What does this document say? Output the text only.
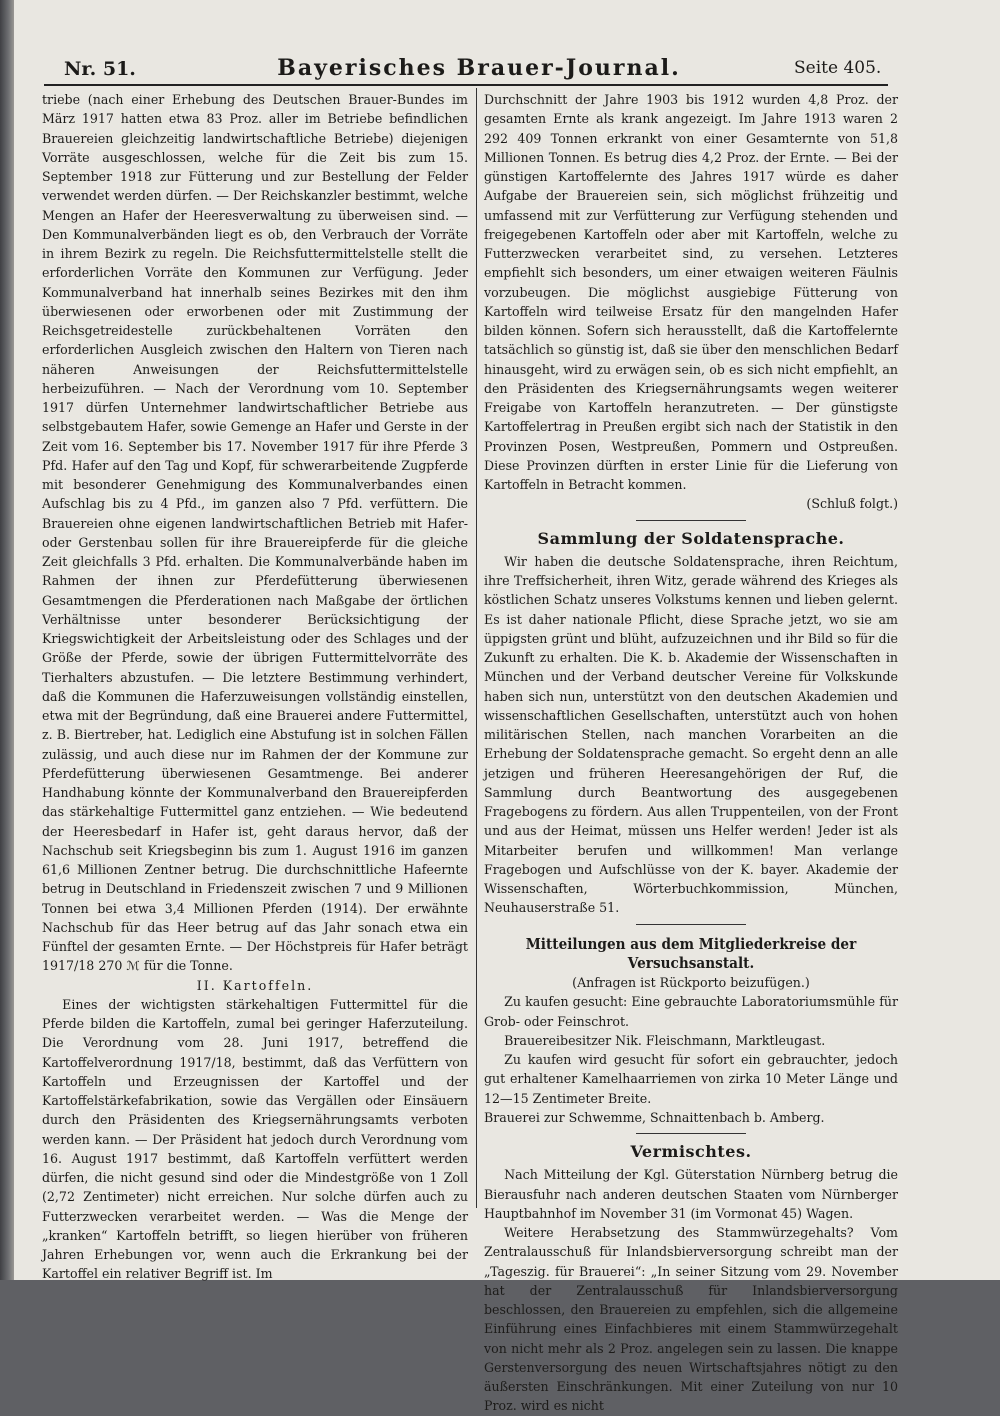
Nr. 51.	Bayerisches Brauer-Journal.	Seite 405.

triebe (nach einer Erhebung des Deutschen Brauer-Bundes im März 1917 hatten etwa 83 Proz. aller im Betriebe befindlichen Brauereien gleichzeitig landwirtschaftliche Betriebe) diejenigen Vorräte ausgeschlossen, welche für die Zeit bis zum 15. September 1918 zur Fütterung und zur Bestellung der Felder verwendet werden dürfen. — Der Reichskanzler bestimmt, welche Mengen an Hafer der Heeresverwaltung zu überweisen sind. — Den Kommunalverbänden liegt es ob, den Verbrauch der Vorräte in ihrem Bezirk zu regeln. Die Reichsfuttermittelstelle stellt die erforderlichen Vorräte den Kommunen zur Verfügung. Jeder Kommunalverband hat innerhalb seines Bezirkes mit den ihm überwiesenen oder erworbenen oder mit Zustimmung der Reichsgetreidestelle zurückbehaltenen Vorräten den erforderlichen Ausgleich zwischen den Haltern von Tieren nach näheren Anweisungen der Reichsfuttermittelstelle herbeizuführen. — Nach der Verordnung vom 10. September 1917 dürfen Unternehmer landwirtschaftlicher Betriebe aus selbstgebautem Hafer, sowie Gemenge an Hafer und Gerste in der Zeit vom 16. September bis 17. November 1917 für ihre Pferde 3 Pfd. Hafer auf den Tag und Kopf, für schwerarbeitende Zugpferde mit besonderer Genehmigung des Kommunalverbandes einen Aufschlag bis zu 4 Pfd., im ganzen also 7 Pfd. verfüttern. Die Brauereien ohne eigenen landwirtschaftlichen Betrieb mit Hafer- oder Gerstenbau sollen für ihre Brauereipferde für die gleiche Zeit gleichfalls 3 Pfd. erhalten. Die Kommunalverbände haben im Rahmen der ihnen zur Pferdefütterung überwiesenen Gesamtmengen die Pferderationen nach Maßgabe der örtlichen Verhältnisse unter besonderer Berücksichtigung der Kriegswichtigkeit der Arbeitsleistung oder des Schlages und der Größe der Pferde, sowie der übrigen Futtermittelvorräte des Tierhalters abzustufen. — Die letztere Bestimmung verhindert, daß die Kommunen die Haferzuweisungen vollständig einstellen, etwa mit der Begründung, daß eine Brauerei andere Futtermittel, z. B. Biertreber, hat. Lediglich eine Abstufung ist in solchen Fällen zulässig, und auch diese nur im Rahmen der der Kommune zur Pferdefütterung überwiesenen Gesamtmenge. Bei anderer Handhabung könnte der Kommunalverband den Brauereipferden das stärkehaltige Futtermittel ganz entziehen. — Wie bedeutend der Heeresbedarf in Hafer ist, geht daraus hervor, daß der Nachschub seit Kriegsbeginn bis zum 1. August 1916 im ganzen 61,6 Millionen Zentner betrug. Die durchschnittliche Hafeernte betrug in Deutschland in Friedenszeit zwischen 7 und 9 Millionen Tonnen bei etwa 3,4 Millionen Pferden (1914). Der erwähnte Nachschub für das Heer betrug auf das Jahr sonach etwa ein Fünftel der gesamten Ernte. — Der Höchstpreis für Hafer beträgt 1917/18 270 ℳ für die Tonne.

II. Kartoffeln.

Eines der wichtigsten stärkehaltigen Futtermittel für die Pferde bilden die Kartoffeln, zumal bei geringer Haferzuteilung. Die Verordnung vom 28. Juni 1917, betreffend die Kartoffelverordnung 1917/18, bestimmt, daß das Verfüttern von Kartoffeln und Erzeugnissen der Kartoffel und der Kartoffelstärkefabrikation, sowie das Vergällen oder Einsäuern durch den Präsidenten des Kriegsernährungsamts verboten werden kann. — Der Präsident hat jedoch durch Verordnung vom 16. August 1917 bestimmt, daß Kartoffeln verfüttert werden dürfen, die nicht gesund sind oder die Mindestgröße von 1 Zoll (2,72 Zentimeter) nicht erreichen. Nur solche dürfen auch zu Futterzwecken verarbeitet werden. — Was die Menge der „kranken“ Kartoffeln betrifft, so liegen hierüber von früheren Jahren Erhebungen vor, wenn auch die Erkrankung bei der Kartoffel ein relativer Begriff ist. Im

Durchschnitt der Jahre 1903 bis 1912 wurden 4,8 Proz. der gesamten Ernte als krank angezeigt. Im Jahre 1913 waren 2 292 409 Tonnen erkrankt von einer Gesamternte von 51,8 Millionen Tonnen. Es betrug dies 4,2 Proz. der Ernte. — Bei der günstigen Kartoffelernte des Jahres 1917 würde es daher Aufgabe der Brauereien sein, sich möglichst frühzeitig und umfassend mit zur Verfütterung zur Verfügung stehenden und freigegebenen Kartoffeln oder aber mit Kartoffeln, welche zu Futterzwecken verarbeitet sind, zu versehen. Letzteres empfiehlt sich besonders, um einer etwaigen weiteren Fäulnis vorzubeugen. Die möglichst ausgiebige Fütterung von Kartoffeln wird teilweise Ersatz für den mangelnden Hafer bilden können. Sofern sich herausstellt, daß die Kartoffelernte tatsächlich so günstig ist, daß sie über den menschlichen Bedarf hinausgeht, wird zu erwägen sein, ob es sich nicht empfiehlt, an den Präsidenten des Kriegsernährungsamts wegen weiterer Freigabe von Kartoffeln heranzutreten. — Der günstigste Kartoffelertrag in Preußen ergibt sich nach der Statistik in den Provinzen Posen, Westpreußen, Pommern und Ostpreußen. Diese Provinzen dürften in erster Linie für die Lieferung von Kartoffeln in Betracht kommen.

(Schluß folgt.)

Sammlung der Soldatensprache.

Wir haben die deutsche Soldatensprache, ihren Reichtum, ihre Treffsicherheit, ihren Witz, gerade während des Krieges als köstlichen Schatz unseres Volkstums kennen und lieben gelernt. Es ist daher nationale Pflicht, diese Sprache jetzt, wo sie am üppigsten grünt und blüht, aufzuzeichnen und ihr Bild so für die Zukunft zu erhalten. Die K. b. Akademie der Wissenschaften in München und der Verband deutscher Vereine für Volkskunde haben sich nun, unterstützt von den deutschen Akademien und wissenschaftlichen Gesellschaften, unterstützt auch von hohen militärischen Stellen, nach manchen Vorarbeiten an die Erhebung der Soldatensprache gemacht. So ergeht denn an alle jetzigen und früheren Heeresangehörigen der Ruf, die Sammlung durch Beantwortung des ausgegebenen Fragebogens zu fördern. Aus allen Truppenteilen, von der Front und aus der Heimat, müssen uns Helfer werden! Jeder ist als Mitarbeiter berufen und willkommen! Man verlange Fragebogen und Aufschlüsse von der K. bayer. Akademie der Wissenschaften, Wörterbuchkommission, München, Neuhauserstraße 51.

Mitteilungen aus dem Mitgliederkreise der Versuchsanstalt.

(Anfragen ist Rückporto beizufügen.)

Zu kaufen gesucht: Eine gebrauchte Laboratoriumsmühle für Grob- oder Feinschrot.

Brauereibesitzer Nik. Fleischmann, Marktleugast.

Zu kaufen wird gesucht für sofort ein gebrauchter, jedoch gut erhaltener Kamelhaarriemen von zirka 10 Meter Länge und 12—15 Zentimeter Breite.

Brauerei zur Schwemme, Schnaittenbach b. Amberg.

Vermischtes.

Nach Mitteilung der Kgl. Güterstation Nürnberg betrug die Bierausfuhr nach anderen deutschen Staaten vom Nürnberger Hauptbahnhof im November 31 (im Vormonat 45) Wagen.

Weitere Herabsetzung des Stammwürzegehalts? Vom Zentralausschuß für Inlandsbierversorgung schreibt man der „Tageszig. für Brauerei“: „In seiner Sitzung vom 29. November hat der Zentralausschuß für Inlandsbierversorgung beschlossen, den Brauereien zu empfehlen, sich die allgemeine Einführung eines Einfachbieres mit einem Stammwürzegehalt von nicht mehr als 2 Proz. angelegen sein zu lassen. Die knappe Gerstenversorgung des neuen Wirtschaftsjahres nötigt zu den äußersten Einschränkungen. Mit einer Zuteilung von nur 10 Proz. wird es nicht
